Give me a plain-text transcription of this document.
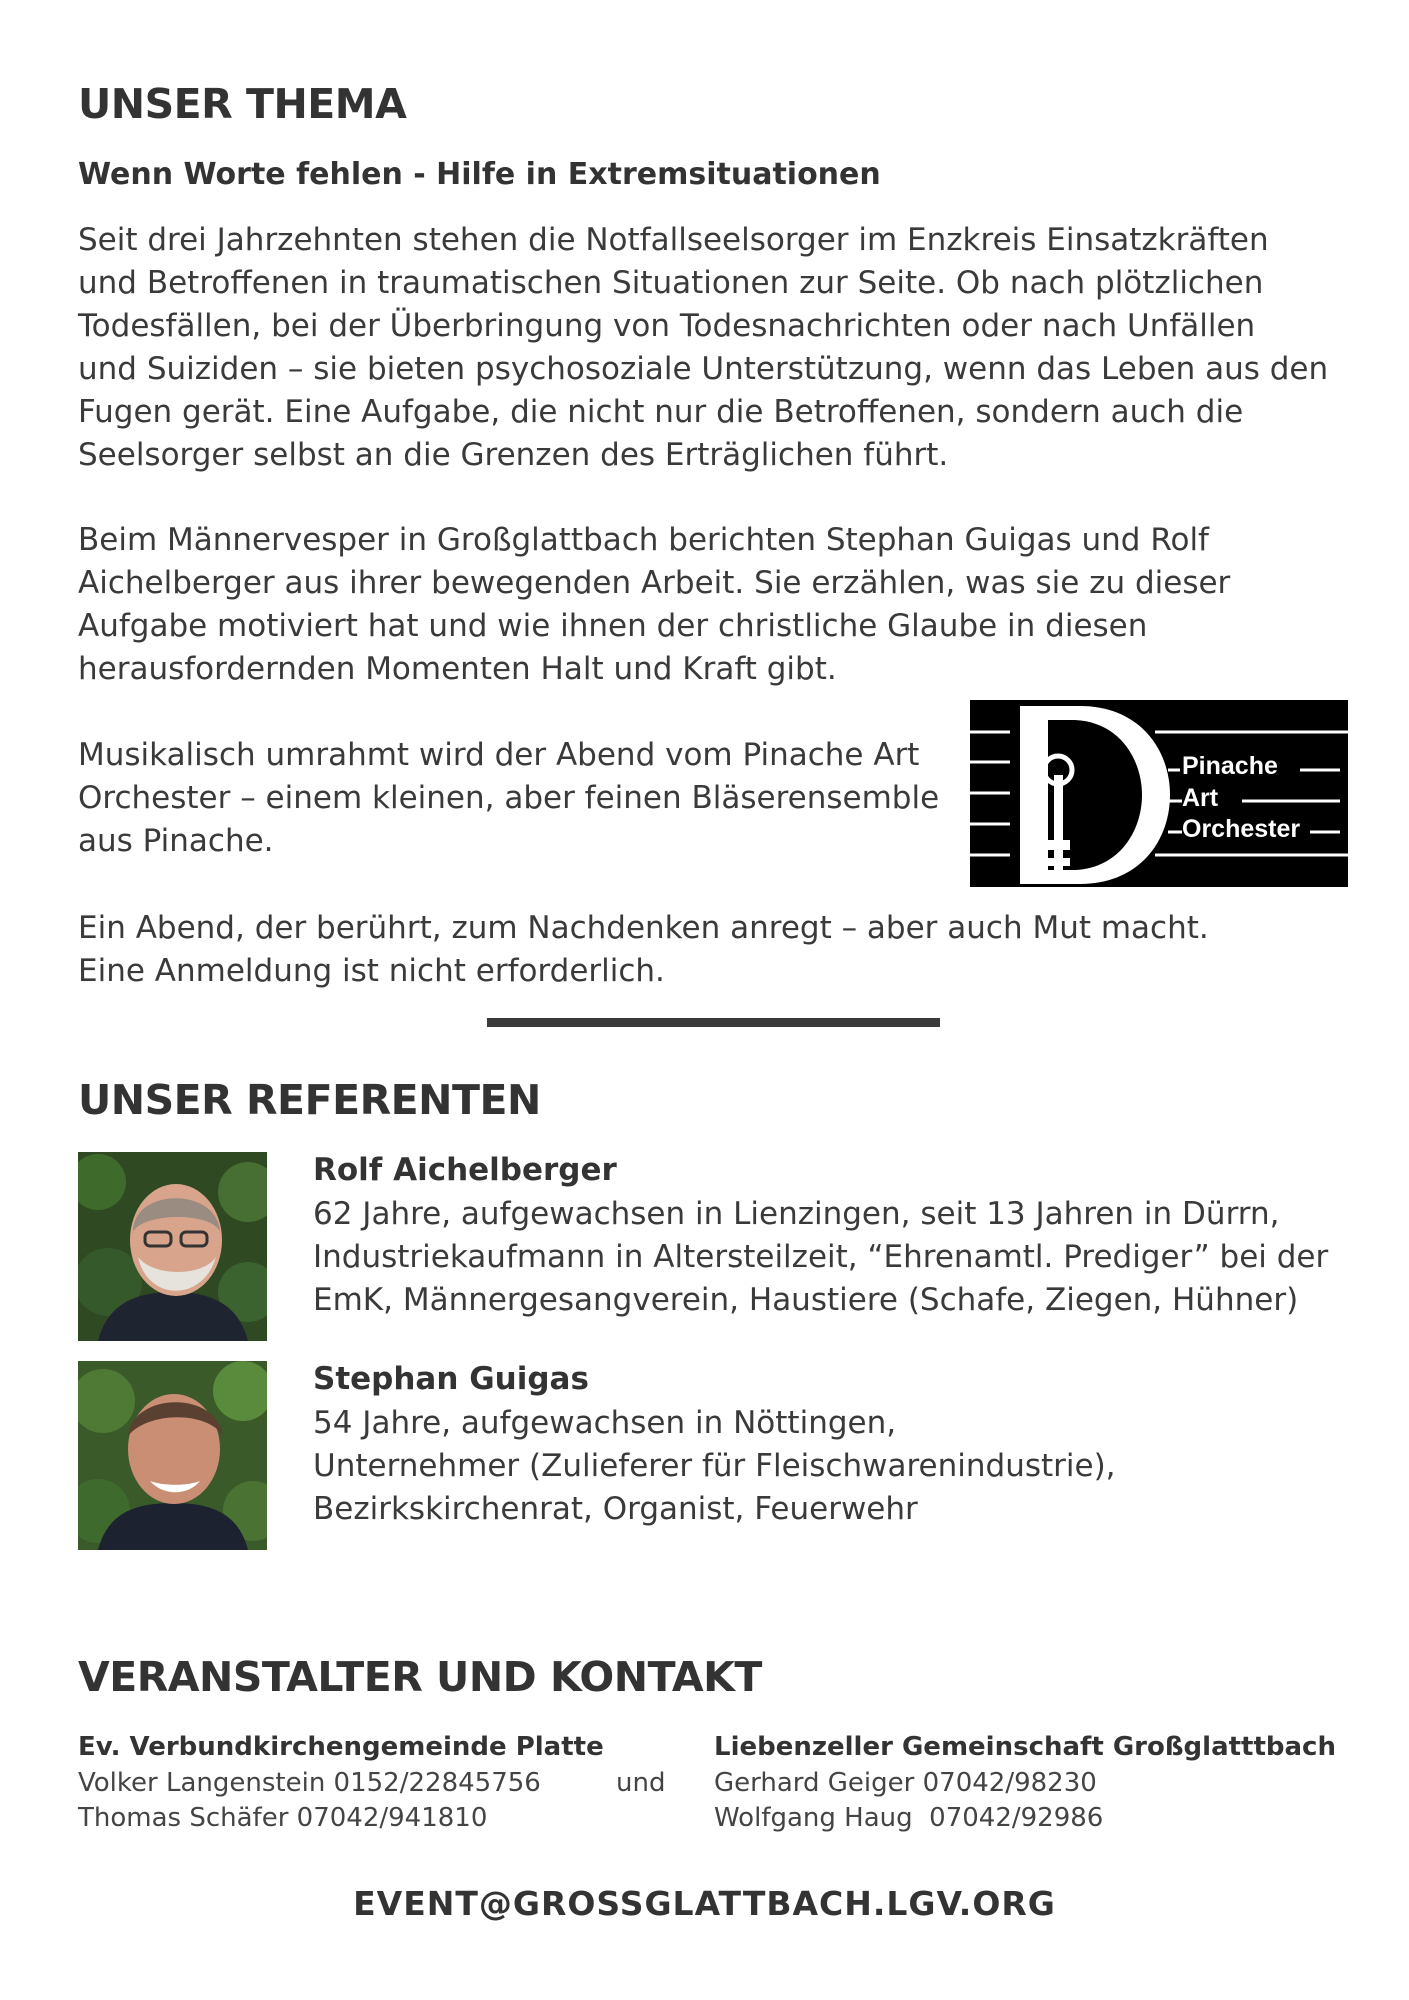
UNSER THEMA
Wenn Worte fehlen - Hilfe in Extremsituationen

Seit drei Jahrzehnten stehen die Notfallseelsorger im Enzkreis Einsatzkräften

und Betroffenen in traumatischen Situationen zur Seite. Ob nach plötzlichen

Todesfällen, bei der Überbringung von Todesnachrichten oder nach Unfällen

und Suiziden – sie bieten psychosoziale Unterstützung, wenn das Leben aus den

Fugen gerät. Eine Aufgabe, die nicht nur die Betroffenen, sondern auch die

Seelsorger selbst an die Grenzen des Erträglichen führt.

Beim Männervesper in Großglattbach berichten Stephan Guigas und Rolf

Aichelberger aus ihrer bewegenden Arbeit. Sie erzählen, was sie zu dieser

Aufgabe motiviert hat und wie ihnen der christliche Glaube in diesen

herausfordernden Momenten Halt und Kraft gibt.

Musikalisch umrahmt wird der Abend vom Pinache Art

Orchester – einem kleinen, aber feinen Bläserensemble

aus Pinache.

Pinache
Art
Orchester

Ein Abend, der berührt, zum Nachdenken anregt – aber auch Mut macht.

Eine Anmeldung ist nicht erforderlich.

UNSER REFERENTEN
Rolf Aichelberger
62 Jahre, aufgewachsen in Lienzingen, seit 13 Jahren in Dürrn,
Industriekaufmann in Altersteilzeit, “Ehrenamtl. Prediger” bei der
EmK, Männergesangverein, Haustiere (Schafe, Ziegen, Hühner)
Stephan Guigas
54 Jahre, aufgewachsen in Nöttingen,
Unternehmer (Zulieferer für Fleischwarenindustrie),
Bezirkskirchenrat, Organist, Feuerwehr
VERANSTALTER UND KONTAKT
Ev. Verbundkirchengemeinde Platte
Volker Langenstein 0152/22845756
Thomas Schäfer 07042/941810
und
Liebenzeller Gemeinschaft Großglatttbach
Gerhard Geiger 07042/98230
Wolfgang Haug  07042/92986
EVENT@GROSSGLATTBACH.LGV.ORG
